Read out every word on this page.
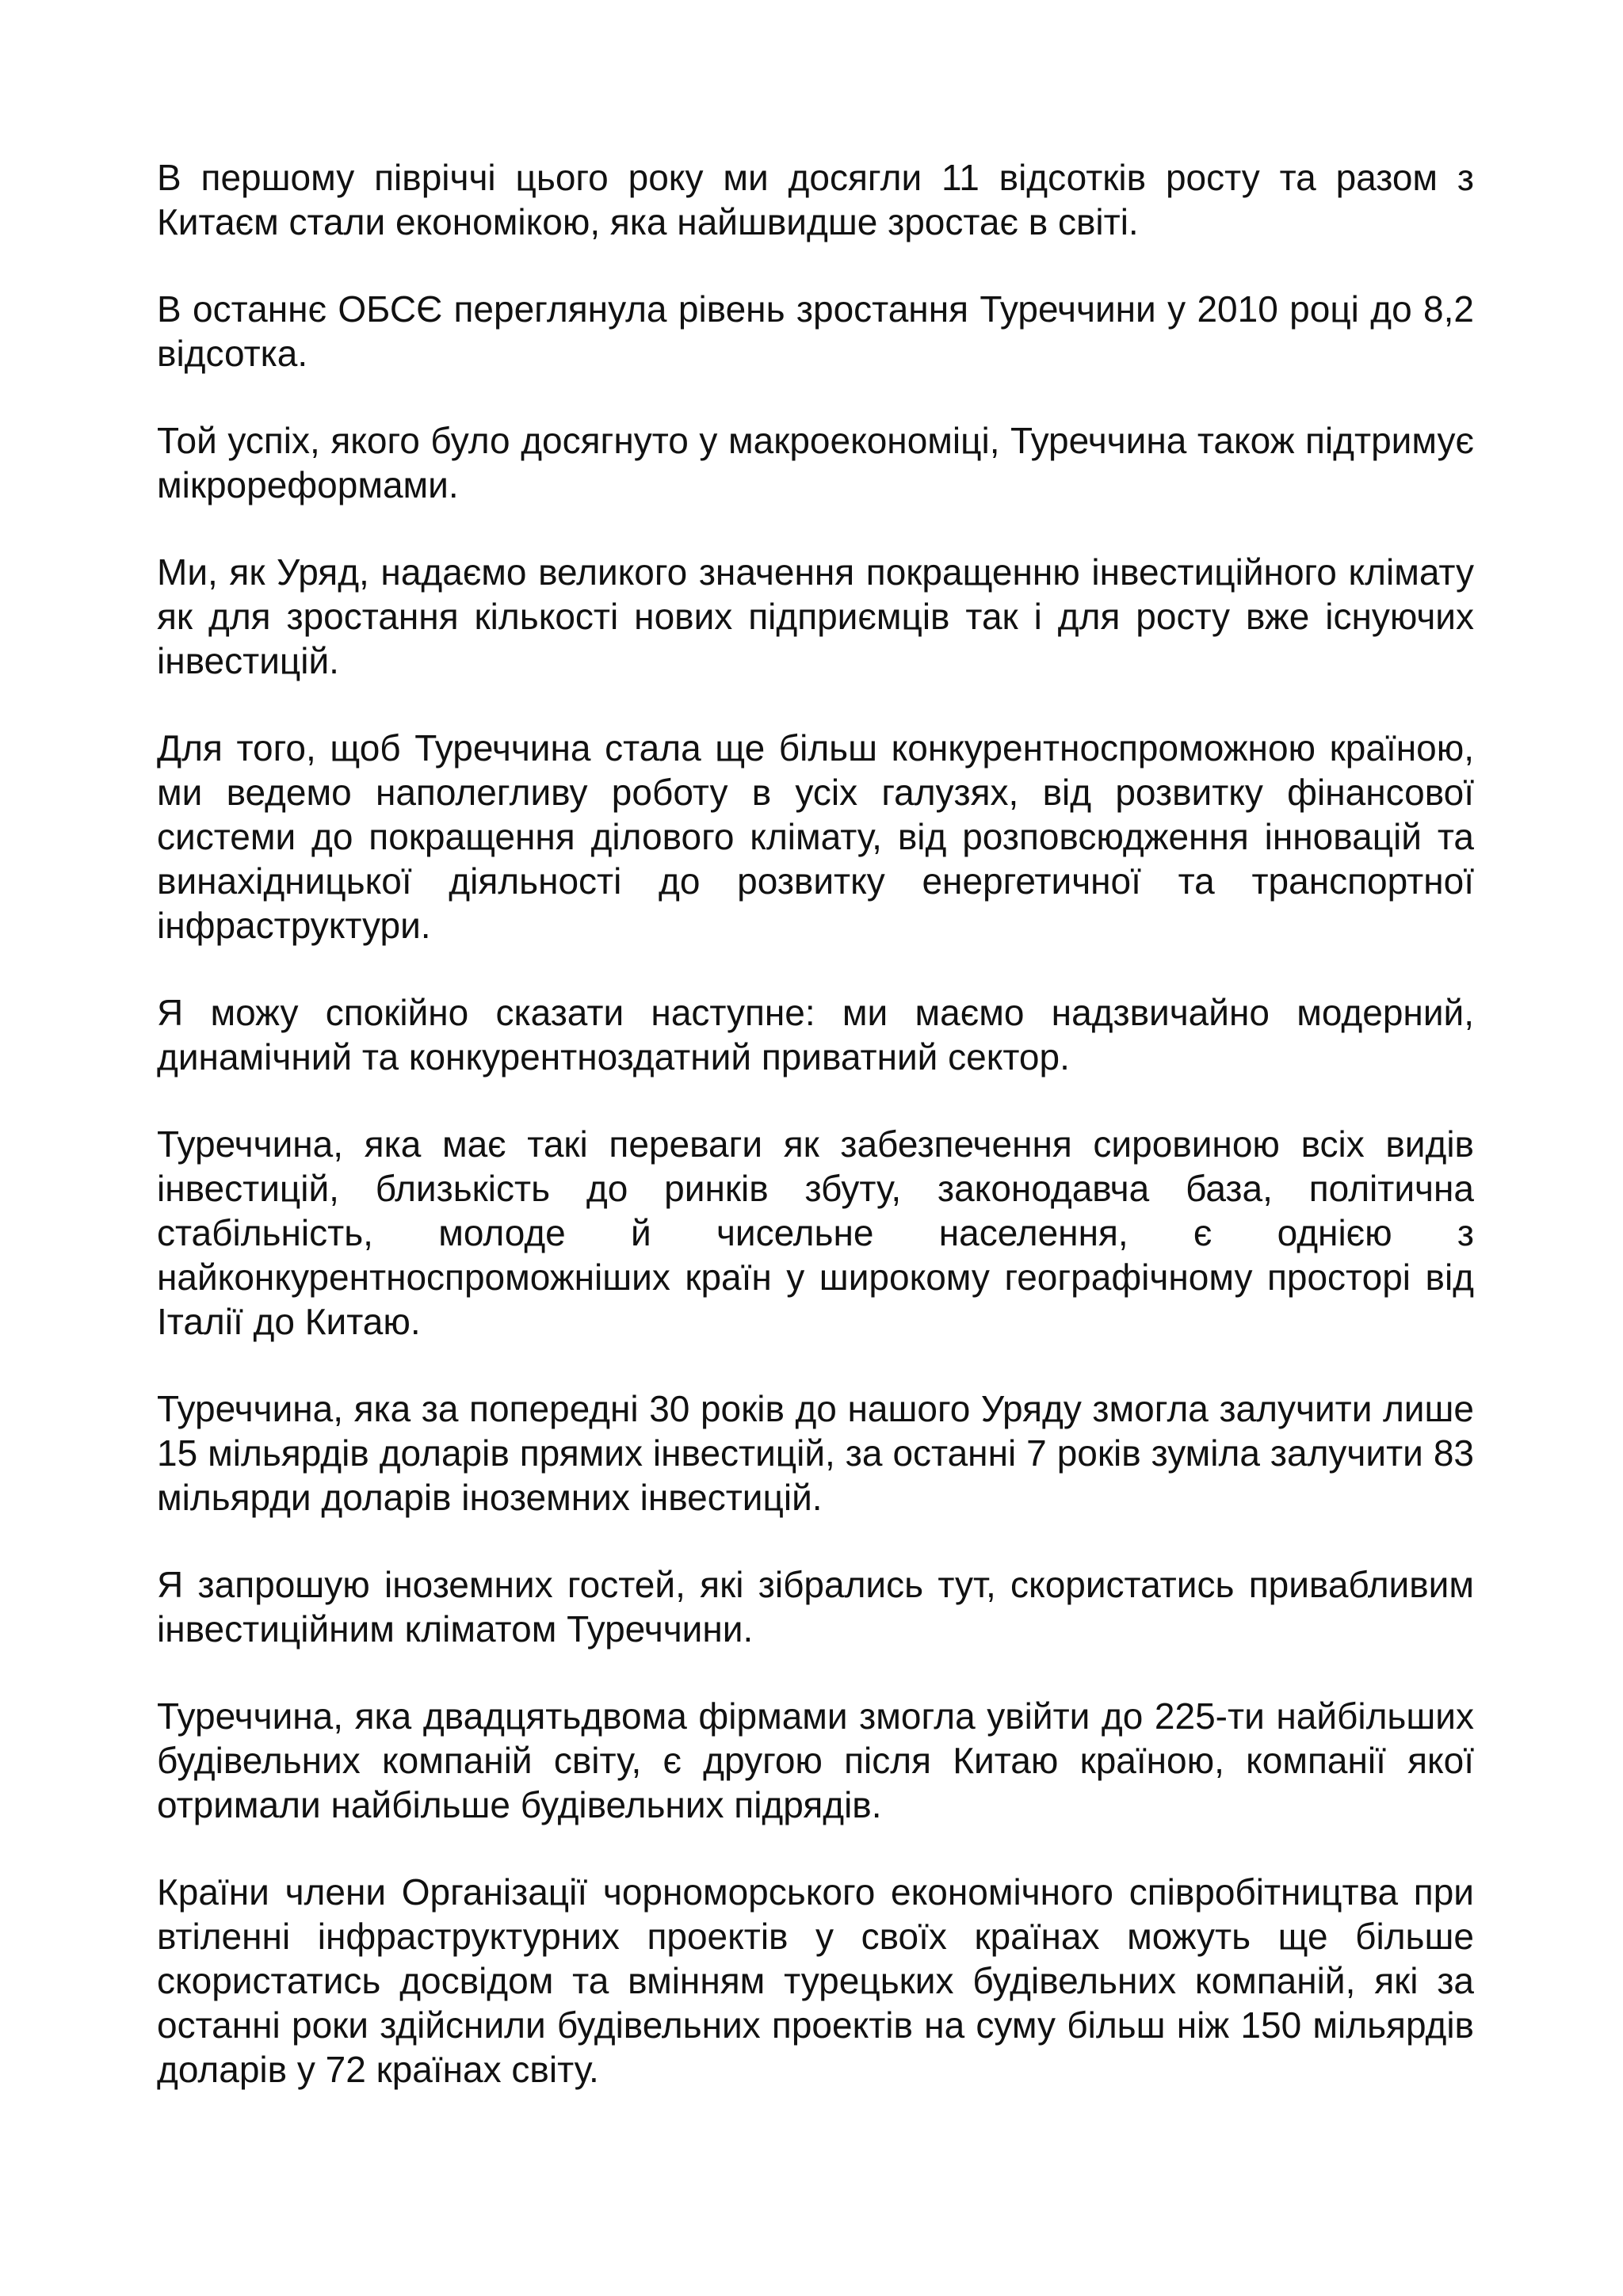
В першому півріччі цього року ми досягли 11 відсотків росту та разом з Китаєм стали економікою, яка найшвидше зростає в світі.

В останнє ОБСЄ переглянула рівень зростання Туреччини у 2010 році до 8,2 відсотка.

Той успіх, якого було досягнуто у макроекономіці, Туреччина також підтримує мікрореформами.

Ми, як Уряд, надаємо великого значення покращенню інвестиційного клімату як для зростання кількості нових підприємців так і для росту вже існуючих інвестицій.

Для того, щоб Туреччина стала ще більш конкурентноспроможною країною, ми ведемо наполегливу роботу в усіх галузях, від розвитку фінансової системи до покращення ділового клімату, від розповсюдження інновацій та винахідницької діяльності до розвитку енергетичної та транспортної інфраструктури.

Я можу спокійно сказати наступне: ми маємо надзвичайно модерний, динамічний та конкурентноздатний приватний сектор.

Туреччина, яка має такі переваги як забезпечення сировиною всіх видів інвестицій, близькість до ринків збуту, законодавча база, політична стабільність, молоде й чисельне населення, є однією з найконкурентноспроможніших країн у широкому географічному просторі від Італії до Китаю.

Туреччина, яка за попередні 30 років до нашого Уряду змогла залучити лише 15 мільярдів доларів прямих інвестицій, за останні 7 років зуміла залучити 83 мільярди доларів іноземних інвестицій.

Я запрошую іноземних гостей, які зібрались тут, скористатись привабливим інвестиційним кліматом Туреччини.

Туреччина, яка двадцятьдвома фірмами змогла увійти до 225-ти найбільших будівельних компаній світу, є другою після Китаю країною, компанії якої отримали найбільше будівельних підрядів.

Країни члени Організації чорноморського економічного співробітництва при втіленні інфраструктурних проектів у своїх країнах можуть ще більше скористатись досвідом та вмінням турецьких будівельних компаній, які за останні роки здійснили будівельних проектів на суму більш ніж 150 мільярдів доларів у 72 країнах світу.
